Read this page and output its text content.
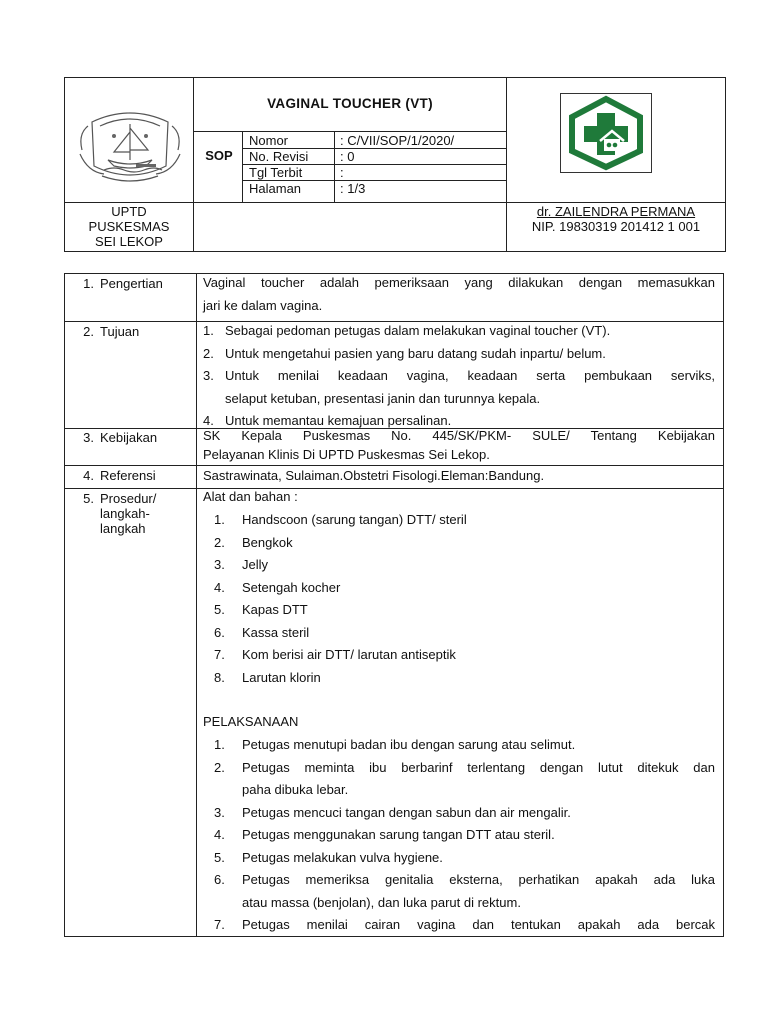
VAGINAL TOUCHER (VT)
SOP
Nomor	: C/VII/SOP/1/2020/
No. Revisi : 0
Tgl Terbit	:
Halaman	: 1/3
UPTD
PUSKESMAS
SEI LEKOP
dr. ZAILENDRA PERMANA
NIP. 19830319 201412 1 001
1. Pengertian	Vaginal toucher adalah pemeriksaan yang dilakukan dengan memasukkan
jari ke dalam vagina.
2. Tujuan	1. Sebagai pedoman petugas dalam melakukan vaginal toucher (VT).
2. Untuk mengetahui pasien yang baru datang sudah inpartu/ belum.
3. Untuk menilai keadaan vagina, keadaan serta pembukaan serviks,
selaput ketuban, presentasi janin dan turunnya kepala.
4. Untuk memantau kemajuan persalinan.
3. Kebijakan	SK Kepala Puskesmas No. 445/SK/PKM- SULE/ Tentang Kebijakan
Pelayanan Klinis Di UPTD Puskesmas Sei Lekop.
4. Referensi	Sastrawinata, Sulaiman.Obstetri Fisologi.Eleman:Bandung.
5. Prosedur/
langkah-
langkah
Alat dan bahan :
1.	Handscoon (sarung tangan) DTT/ steril
2.	Bengkok
3.	Jelly
4.	Setengah kocher
5.	Kapas DTT
6.	Kassa steril
7.	Kom berisi air DTT/ larutan antiseptik
8.	Larutan klorin
PELAKSANAAN
1.	Petugas menutupi badan ibu dengan sarung atau selimut.
2.	Petugas meminta ibu berbarinf terlentang dengan lutut ditekuk dan
paha dibuka lebar.
3.	Petugas mencuci tangan dengan sabun dan air mengalir.
4.	Petugas menggunakan sarung tangan DTT atau steril.
5.	Petugas melakukan vulva hygiene.
6.	Petugas memeriksa genitalia eksterna, perhatikan apakah ada luka
atau massa (benjolan), dan luka parut di rektum.
7.	Petugas menilai cairan vagina dan tentukan apakah ada bercak
